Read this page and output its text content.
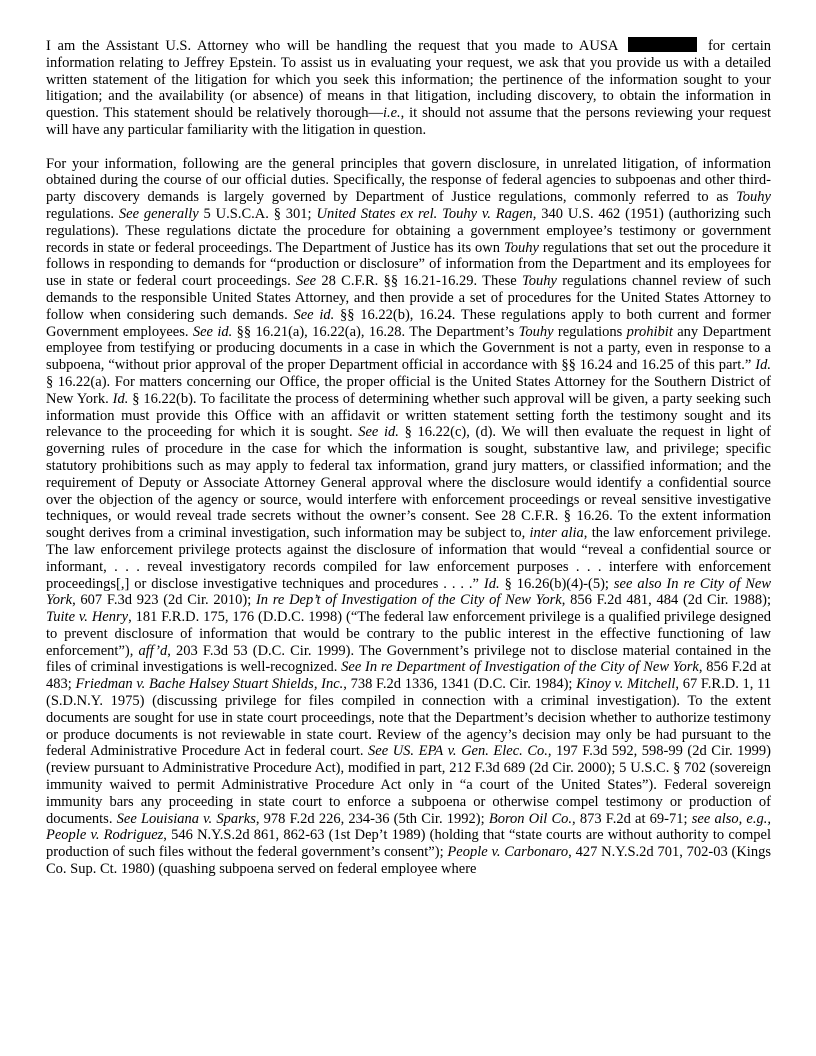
I am the Assistant U.S. Attorney who will be handling the request that you made to AUSA	for certain information relating to Jeffrey Epstein. To assist us in evaluating your request, we ask that you provide us with a detailed written statement of the litigation for which you seek this information; the pertinence of the information sought to your litigation; and the availability (or absence) of means in that litigation, including discovery, to obtain the information in question. This statement should be relatively thorough—i.e., it should not assume that the persons reviewing your request will have any particular familiarity with the litigation in question.

For your information, following are the general principles that govern disclosure, in unrelated litigation, of information obtained during the course of our official duties. Specifically, the response of federal agencies to subpoenas and other third-party discovery demands is largely governed by Department of Justice regulations, commonly referred to as Touhy regulations. See generally 5 U.S.C.A. § 301; United States ex rel. Touhy v. Ragen, 340 U.S. 462 (1951) (authorizing such regulations). These regulations dictate the procedure for obtaining a government employee’s testimony or government records in state or federal proceedings. The Department of Justice has its own Touhy regulations that set out the procedure it follows in responding to demands for “production or disclosure” of information from the Department and its employees for use in state or federal court proceedings. See 28 C.F.R. §§ 16.21-16.29. These Touhy regulations channel review of such demands to the responsible United States Attorney, and then provide a set of procedures for the United States Attorney to follow when considering such demands. See id. §§ 16.22(b), 16.24. These regulations apply to both current and former Government employees. See id. §§ 16.21(a), 16.22(a), 16.28. The Department’s Touhy regulations prohibit any Department employee from testifying or producing documents in a case in which the Government is not a party, even in response to a subpoena, “without prior approval of the proper Department official in accordance with §§ 16.24 and 16.25 of this part.” Id. § 16.22(a). For matters concerning our Office, the proper official is the United States Attorney for the Southern District of New York. Id. § 16.22(b). To facilitate the process of determining whether such approval will be given, a party seeking such information must provide this Office with an affidavit or written statement setting forth the testimony sought and its relevance to the proceeding for which it is sought. See id. § 16.22(c), (d). We will then evaluate the request in light of governing rules of procedure in the case for which the information is sought, substantive law, and privilege; specific statutory prohibitions such as may apply to federal tax information, grand jury matters, or classified information; and the requirement of Deputy or Associate Attorney General approval where the disclosure would identify a confidential source over the objection of the agency or source, would interfere with enforcement proceedings or reveal sensitive investigative techniques, or would reveal trade secrets without the owner’s consent. See 28 C.F.R. § 16.26. To the extent information sought derives from a criminal investigation, such information may be subject to, inter alia, the law enforcement privilege. The law enforcement privilege protects against the disclosure of information that would “reveal a confidential source or informant, . . . reveal investigatory records compiled for law enforcement purposes . . . interfere with enforcement proceedings[,] or disclose investigative techniques and procedures . . . .” Id. § 16.26(b)(4)-(5); see also In re City of New York, 607 F.3d 923 (2d Cir. 2010); In re Dep’t of Investigation of the City of New York, 856 F.2d 481, 484 (2d Cir. 1988); Tuite v. Henry, 181 F.R.D. 175, 176 (D.D.C. 1998) (“The federal law enforcement privilege is a qualified privilege designed to prevent disclosure of information that would be contrary to the public interest in the effective functioning of law enforcement”), aff’d, 203 F.3d 53 (D.C. Cir. 1999). The Government’s privilege not to disclose material contained in the files of criminal investigations is well-recognized. See In re Department of Investigation of the City of New York, 856 F.2d at 483; Friedman v. Bache Halsey Stuart Shields, Inc., 738 F.2d 1336, 1341 (D.C. Cir. 1984); Kinoy v. Mitchell, 67 F.R.D. 1, 11 (S.D.N.Y. 1975) (discussing privilege for files compiled in connection with a criminal investigation). To the extent documents are sought for use in state court proceedings, note that the Department’s decision whether to authorize testimony or produce documents is not reviewable in state court. Review of the agency’s decision may only be had pursuant to the federal Administrative Procedure Act in federal court. See US. EPA v. Gen. Elec. Co., 197 F.3d 592, 598-99 (2d Cir. 1999) (review pursuant to Administrative Procedure Act), modified in part, 212 F.3d 689 (2d Cir. 2000); 5 U.S.C. § 702 (sovereign immunity waived to permit Administrative Procedure Act only in “a court of the United States”). Federal sovereign immunity bars any proceeding in state court to enforce a subpoena or otherwise compel testimony or production of documents. See Louisiana v. Sparks, 978 F.2d 226, 234-36 (5th Cir. 1992); Boron Oil Co., 873 F.2d at 69-71; see also, e.g., People v. Rodriguez, 546 N.Y.S.2d 861, 862-63 (1st Dep’t 1989) (holding that “state courts are without authority to compel production of such files without the federal government’s consent”); People v. Carbonaro, 427 N.Y.S.2d 701, 702-03 (Kings Co. Sup. Ct. 1980) (quashing subpoena served on federal employee where
